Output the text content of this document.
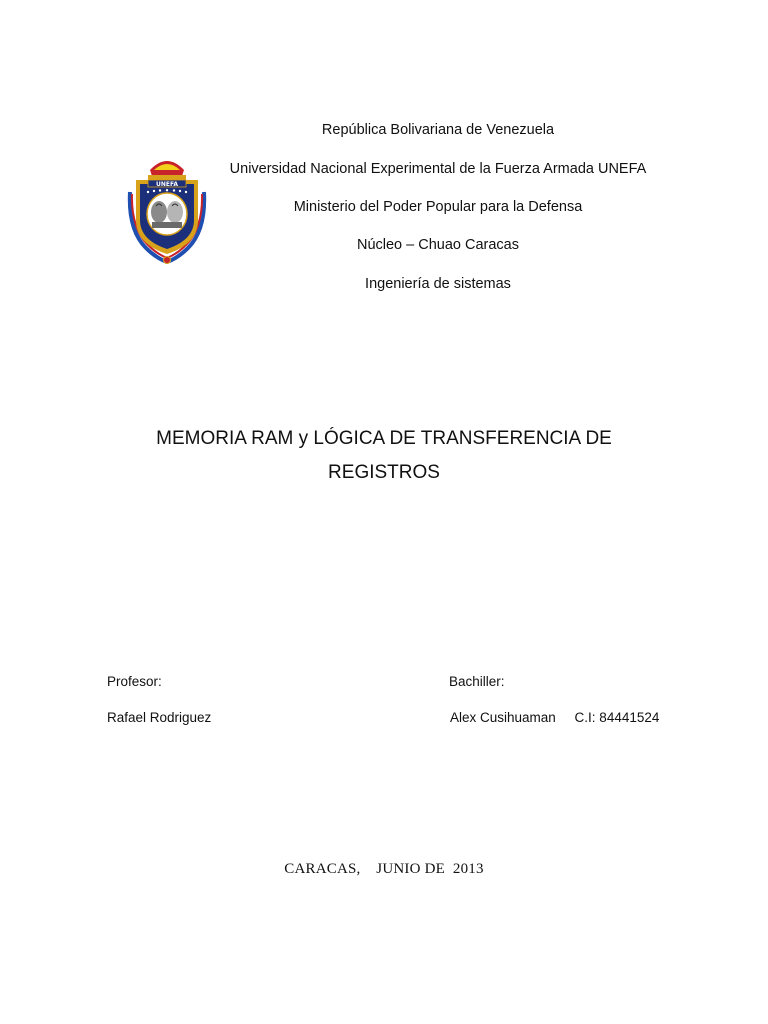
UNEFA
República Bolivariana de Venezuela
Universidad Nacional Experimental de la Fuerza Armada UNEFA
Ministerio del Poder Popular para la Defensa
Núcleo – Chuao Caracas
Ingeniería de sistemas
MEMORIA RAM y LÓGICA DE TRANSFERENCIA DE
REGISTROS
Profesor:
Rafael Rodriguez
Bachiller:
Alex Cusihuaman     C.I: 84441524
CARACAS,    JUNIO DE  2013
